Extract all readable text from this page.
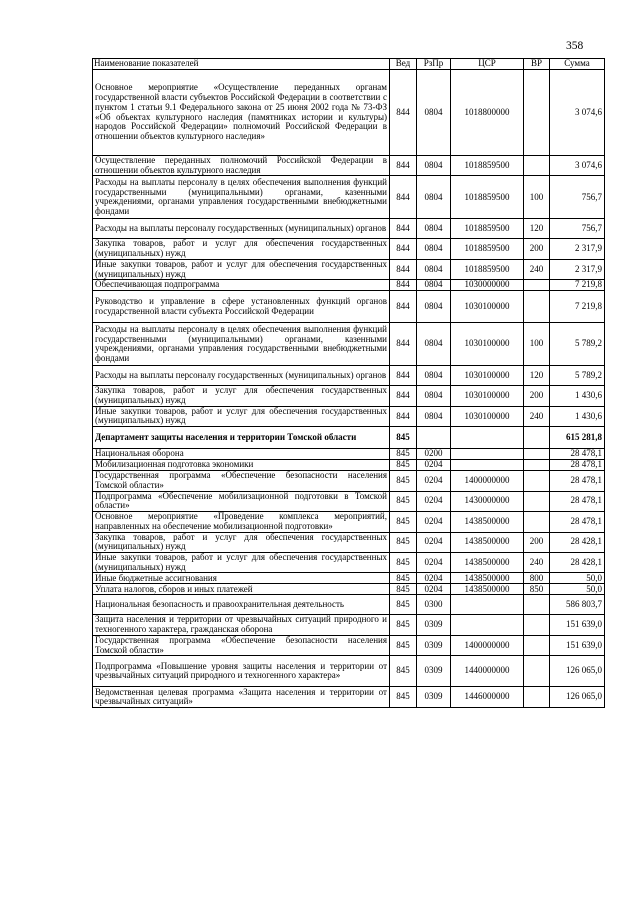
358
Наименование показателей	Вед	РзПр	ЦСР	ВР	Сумма
Основное мероприятие «Осуществление переданных органам государственной власти субъектов Российской Федерации в соответствии с пунктом 1 статьи 9.1 Федерального закона от 25 июня 2002 года № 73-ФЗ «Об объектах культурного наследия (памятниках истории и культуры) народов Российской Федерации» полномочий Российской Федерации в отношении объектов культурного наследия»	844	0804	1018800000		3 074,6
Осуществление переданных полномочий Российской Федерации в отношении объектов культурного наследия	844	0804	1018859500		3 074,6
Расходы на выплаты персоналу в целях обеспечения выполнения функций государственными (муниципальными) органами, казенными учреждениями, органами управления государственными внебюджетными фондами	844	0804	1018859500	100	756,7
Расходы на выплаты персоналу государственных (муниципальных) органов	844	0804	1018859500	120	756,7
Закупка товаров, работ и услуг для обеспечения государственных (муниципальных) нужд	844	0804	1018859500	200	2 317,9
Иные закупки товаров, работ и услуг для обеспечения государственных (муниципальных) нужд	844	0804	1018859500	240	2 317,9
Обеспечивающая подпрограмма	844	0804	1030000000		7 219,8
Руководство и управление в сфере установленных функций органов государственной власти субъекта Российской Федерации	844	0804	1030100000		7 219,8
Расходы на выплаты персоналу в целях обеспечения выполнения функций государственными (муниципальными) органами, казенными учреждениями, органами управления государственными внебюджетными фондами	844	0804	1030100000	100	5 789,2
Расходы на выплаты персоналу государственных (муниципальных) органов	844	0804	1030100000	120	5 789,2
Закупка товаров, работ и услуг для обеспечения государственных (муниципальных) нужд	844	0804	1030100000	200	1 430,6
Иные закупки товаров, работ и услуг для обеспечения государственных (муниципальных) нужд	844	0804	1030100000	240	1 430,6
Департамент защиты населения и территории Томской области	845				615 281,8
Национальная оборона	845	0200			28 478,1
Мобилизационная подготовка экономики	845	0204			28 478,1
Государственная программа «Обеспечение безопасности населения Томской области»	845	0204	1400000000		28 478,1
Подпрограмма «Обеспечение мобилизационной подготовки в Томской области»	845	0204	1430000000		28 478,1
Основное мероприятие «Проведение комплекса мероприятий, направленных на обеспечение мобилизационной подготовки»	845	0204	1438500000		28 478,1
Закупка товаров, работ и услуг для обеспечения государственных (муниципальных) нужд	845	0204	1438500000	200	28 428,1
Иные закупки товаров, работ и услуг для обеспечения государственных (муниципальных) нужд	845	0204	1438500000	240	28 428,1
Иные бюджетные ассигнования	845	0204	1438500000	800	50,0
Уплата налогов, сборов и иных платежей	845	0204	1438500000	850	50,0
Национальная безопасность и правоохранительная деятельность	845	0300			586 803,7
Защита населения и территории от чрезвычайных ситуаций природного и техногенного характера, гражданская оборона	845	0309			151 639,0
Государственная программа «Обеспечение безопасности населения Томской области»	845	0309	1400000000		151 639,0
Подпрограмма «Повышение уровня защиты населения и территории от чрезвычайных ситуаций природного и техногенного характера»	845	0309	1440000000		126 065,0
Ведомственная целевая программа «Защита населения и территории от чрезвычайных ситуаций»	845	0309	1446000000		126 065,0
